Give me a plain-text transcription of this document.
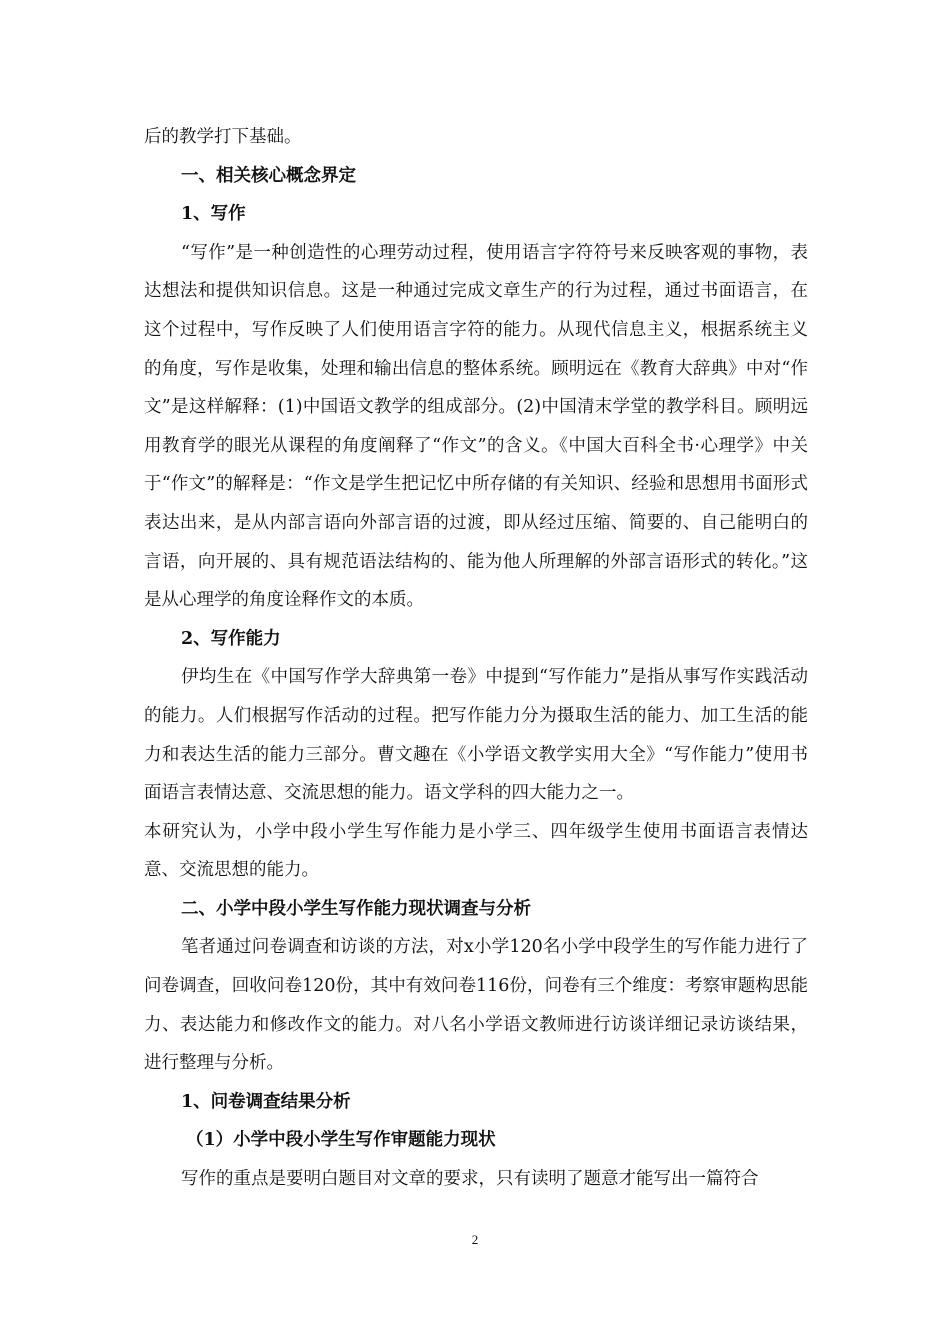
后的教学打下基础。

一、相关核心概念界定

1、写作

“写作”是一种创造性的心理劳动过程，使用语言字符符号来反映客观的事物，表达想法和提供知识信息。这是一种通过完成文章生产的行为过程，通过书面语言，在这个过程中，写作反映了人们使用语言字符的能力。从现代信息主义，根据系统主义的角度，写作是收集，处理和输出信息的整体系统。顾明远在《教育大辞典》中对“作文”是这样解释：(1)中国语文教学的组成部分。(2)中国清末学堂的教学科目。顾明远用教育学的眼光从课程的角度阐释了“作文”的含义。《中国大百科全书·心理学》中关于“作文”的解释是：“作文是学生把记忆中所存储的有关知识、经验和思想用书面形式表达出来，是从内部言语向外部言语的过渡，即从经过压缩、简要的、自己能明白的言语，向开展的、具有规范语法结构的、能为他人所理解的外部言语形式的转化。”这是从心理学的角度诠释作文的本质。

2、写作能力

伊均生在《中国写作学大辞典第一卷》中提到“写作能力”是指从事写作实践活动的能力。人们根据写作活动的过程。把写作能力分为摄取生活的能力、加工生活的能力和表达生活的能力三部分。曹文趣在《小学语文教学实用大全》“写作能力”使用书面语言表情达意、交流思想的能力。语文学科的四大能力之一。

本研究认为，小学中段小学生写作能力是小学三、四年级学生使用书面语言表情达意、交流思想的能力。

二、小学中段小学生写作能力现状调查与分析

笔者通过问卷调查和访谈的方法，对x小学120名小学中段学生的写作能力进行了问卷调查，回收问卷120份，其中有效问卷116份，问卷有三个维度：考察审题构思能力、表达能力和修改作文的能力。对八名小学语文教师进行访谈详细记录访谈结果，进行整理与分析。

1、问卷调查结果分析

（1）小学中段小学生写作审题能力现状

写作的重点是要明白题目对文章的要求，只有读明了题意才能写出一篇符合

2
